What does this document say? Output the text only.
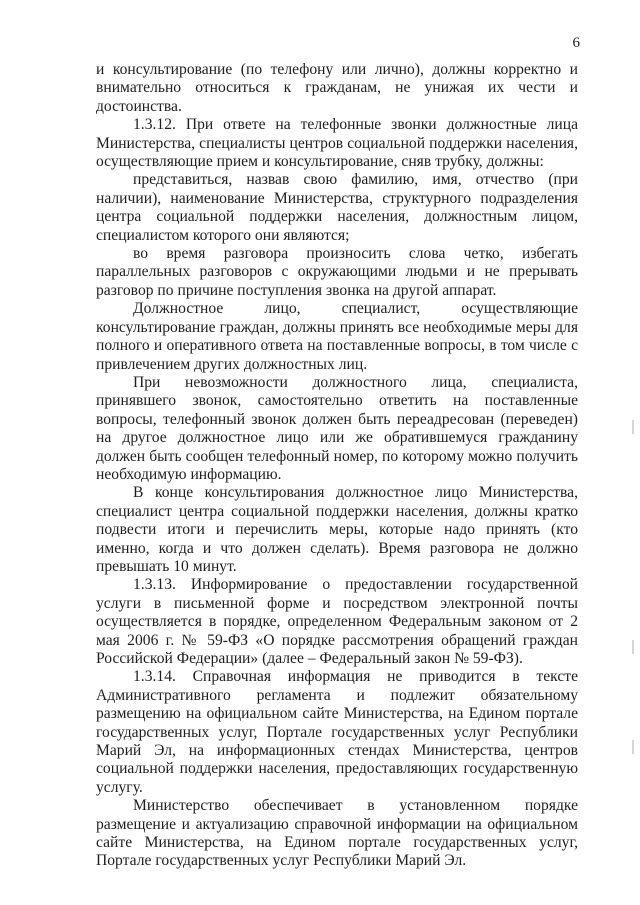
6

и консультирование (по телефону или лично), должны корректно и внимательно относиться к гражданам, не унижая их чести и достоинства.

1.3.12. При ответе на телефонные звонки должностные лица Министерства, специалисты центров социальной поддержки населения, осуществляющие прием и консультирование, сняв трубку, должны:

представиться, назвав свою фамилию, имя, отчество (при наличии), наименование Министерства, структурного подразделения центра социальной поддержки населения, должностным лицом, специалистом которого они являются;

во время разговора произносить слова четко, избегать параллельных разговоров с окружающими людьми и не прерывать разговор по причине поступления звонка на другой аппарат.

Должностное лицо, специалист, осуществляющие консультирование граждан, должны принять все необходимые меры для полного и оперативного ответа на поставленные вопросы, в том числе с привлечением других должностных лиц.

При невозможности должностного лица, специалиста, принявшего звонок, самостоятельно ответить на поставленные вопросы, телефонный звонок должен быть переадресован (переведен) на другое должностное лицо или же обратившемуся гражданину должен быть сообщен телефонный номер, по которому можно получить необходимую информацию.

В конце консультирования должностное лицо Министерства, специалист центра социальной поддержки населения, должны кратко подвести итоги и перечислить меры, которые надо принять (кто именно, когда и что должен сделать). Время разговора не должно превышать 10 минут.

1.3.13. Информирование о предоставлении государственной услуги в письменной форме и посредством электронной почты осуществляется в порядке, определенном Федеральным законом от 2 мая 2006 г. № 59-ФЗ «О порядке рассмотрения обращений граждан Российской Федерации» (далее – Федеральный закон № 59-ФЗ).

1.3.14. Справочная информация не приводится в тексте Административного регламента и подлежит обязательному размещению на официальном сайте Министерства, на Едином портале государственных услуг, Портале государственных услуг Республики Марий Эл, на информационных стендах Министерства, центров социальной поддержки населения, предоставляющих государственную услугу.

Министерство обеспечивает в установленном порядке размещение и актуализацию справочной информации на официальном сайте Министерства, на Едином портале государственных услуг, Портале государственных услуг Республики Марий Эл.
